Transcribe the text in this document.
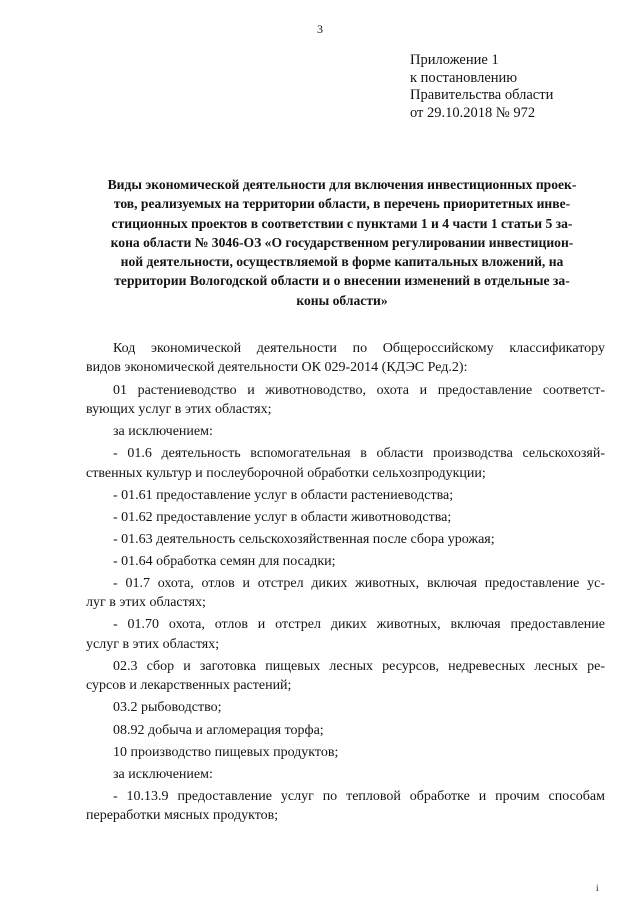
3
Приложение 1
к постановлению
Правительства области
от 29.10.2018 № 972
Виды экономической деятельности для включения инвестиционных проек-
тов, реализуемых на территории области, в перечень приоритетных инве-
стиционных проектов в соответствии с пунктами 1 и 4 части 1 статьи 5 за-
кона области № 3046-ОЗ «О государственном регулировании инвестицион-
ной деятельности, осуществляемой в форме капитальных вложений, на
территории Вологодской области и о внесении изменений в отдельные за-
коны области»

Код экономической деятельности по Общероссийскому классификатору
видов экономической деятельности ОК 029-2014 (КДЭС Ред.2):

01 растениеводство и животноводство, охота и предоставление соответст-
вующих услуг в этих областях;

за исключением:

- 01.6 деятельность вспомогательная в области производства сельскохозяй-
ственных культур и послеуборочной обработки сельхозпродукции;

- 01.61 предоставление услуг в области растениеводства;

- 01.62 предоставление услуг в области животноводства;

- 01.63 деятельность сельскохозяйственная после сбора урожая;

- 01.64 обработка семян для посадки;

- 01.7 охота, отлов и отстрел диких животных, включая предоставление ус-
луг в этих областях;

- 01.70 охота, отлов и отстрел диких животных, включая предоставление
услуг в этих областях;

02.3 сбор и заготовка пищевых лесных ресурсов, недревесных лесных ре-
сурсов и лекарственных растений;

03.2 рыбоводство;

08.92 добыча и агломерация торфа;

10 производство пищевых продуктов;

за исключением:

- 10.13.9 предоставление услуг по тепловой обработке и прочим способам
переработки мясных продуктов;

i
